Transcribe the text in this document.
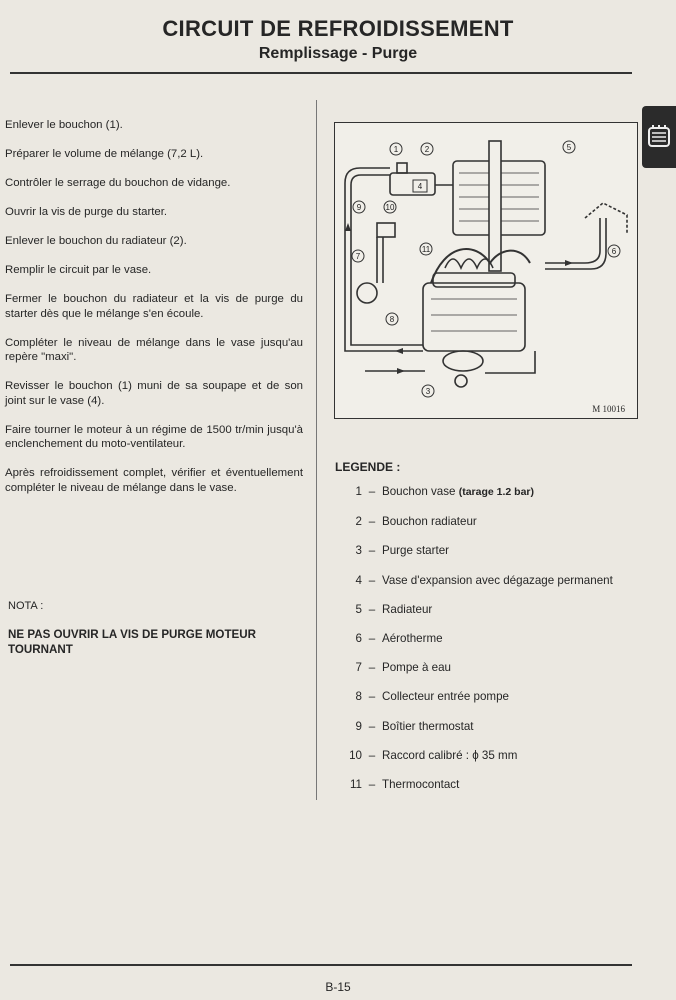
CIRCUIT DE REFROIDISSEMENT
Remplissage - Purge
Enlever le bouchon (1).
Préparer le volume de mélange (7,2 L).
Contrôler le serrage du bouchon de vidange.
Ouvrir la vis de purge du starter.
Enlever le bouchon du radiateur (2).
Remplir le circuit par le vase.
Fermer le bouchon du radiateur et la vis de purge du starter dès que le mélange s'en écoule.
Compléter le niveau de mélange dans le vase jusqu'au repère "maxi".
Revisser le bouchon (1) muni de sa soupape et de son joint sur le vase (4).
Faire tourner le moteur à un régime de 1500 tr/min jusqu'à enclenchement du moto-ventilateur.
Après refroidissement complet, vérifier et éventuellement compléter le niveau de mélange dans le vase.

NOTA :

NE PAS OUVRIR LA VIS DE PURGE MOTEUR TOURNANT

1	2
3
4
5
6
7
8
9	10
11
M 10016

LEGENDE :

1 – Bouchon vase (tarage 1.2 bar)
2 – Bouchon radiateur
3 – Purge starter
4 – Vase d'expansion avec dégazage permanent
5 – Radiateur
6 – Aérotherme
7 – Pompe à eau
8 – Collecteur entrée pompe
9 – Boîtier thermostat
10 – Raccord calibré : ϕ 35 mm
11 – Thermocontact
B-15
